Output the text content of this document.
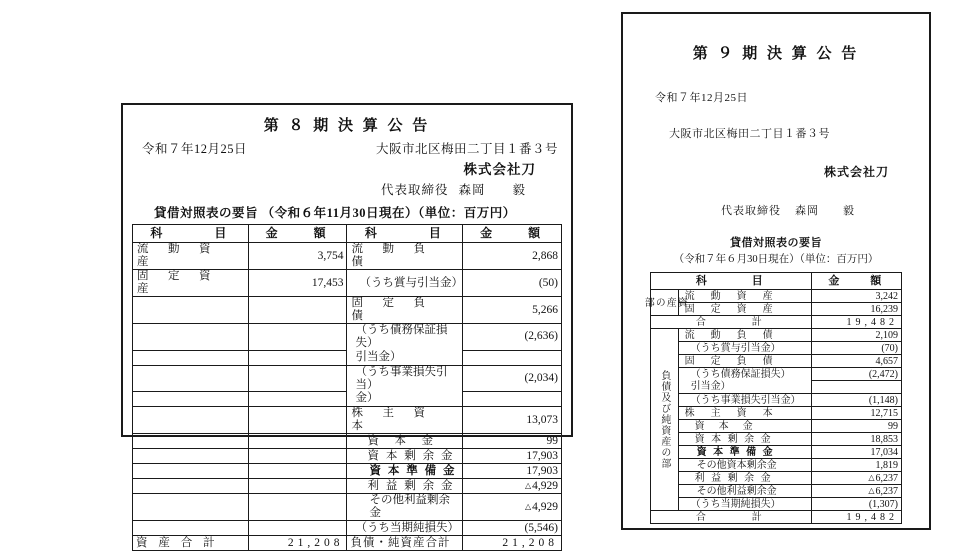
第 ８ 期 決 算 公 告
令和７年12月25日	大阪市北区梅田二丁目１番３号
株式会社刀
代表取締役 森岡　　毅
貸借対照表の要旨 （令和６年11月30日現在）（単位：百万円）
科　　　目	金　　額	科　　　目	金　　額
流　動　資　産	3,754	流　動　負　債	2,868
固　定　資　産	17,453	（うち賞与引当金）	(50)
		固　定　負　債	5,266
		（うち債務保証損失）	(2,636)
		引当金）	
		（うち事業損失引当）	(2,034)
		金）	
		株　主　資　本	13,073
		資　本　金	99
		資 本 剰 余 金	17,903
		資 本 準 備 金	17,903
		利 益 剰 余 金	△4,929
		その他利益剰余金	△4,929
		（うち当期純損失）	(5,546)
資 産 合 計	21,208	負債・純資産合計	21,208
第 ９ 期 決 算 公 告
令和７年12月25日
大阪市北区梅田二丁目１番３号
株式会社刀
代表取締役 森岡　　毅
貸借対照表の要旨
（令和７年６月30日現在）（単位：百万円）
科　　　目		金　　額
資 産 の 部	流　動　資　産	3,242
	固　定　資　産	16,239
合　　　計		19,482
負債及び純資産の部	流　動　負　債	2,109
	（うち賞与引当金）	(70)
	固　定　負　債	4,657
	（うち債務保証損失）	(2,472)
	引当金）	
	（うち事業損失引当金）	(1,148)
	株　主　資　本	12,715
	資　本　金	99
	資 本 剰 余 金	18,853
	資 本 準 備 金	17,034
	その他資本剰余金	1,819
	利 益 剰 余 金	△6,237
	その他利益剰余金	△6,237
	（うち当期純損失）	(1,307)
合　　　計		19,482
